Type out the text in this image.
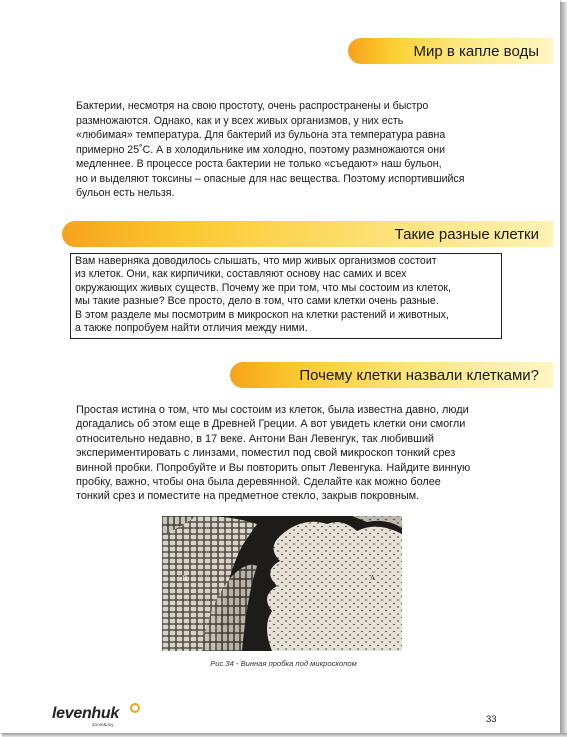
Мир в капле воды
Бактерии, несмотря на свою простоту, очень распространены и быстро
размножаются. Однако, как и у всех живых организмов, у них есть
«любимая» температура. Для бактерий из бульона эта температура равна
примерно 25˚С. А в холодильнике им холодно, поэтому размножаются они
медленнее. В процессе роста бактерии не только «съедают» наш бульон,
но и выделяют токсины – опасные для нас вещества. Поэтому испортившийся
бульон есть нельзя.
Такие разные клетки
Вам наверняка доводилось слышать, что мир живых организмов состоит
из клеток. Они, как кирпичики, составляют основу нас самих и всех
окружающих живых существ. Почему же при том, что мы состоим из клеток,
мы такие разные? Все просто, дело в том, что сами клетки очень разные.
В этом разделе мы посмотрим в микроскоп на клетки растений и животных,
а также попробуем найти отличия между ними.
Почему клетки назвали клетками?
Простая истина о том, что мы состоим из клеток, была известна давно, люди
догадались об этом еще в Древней Греции. А вот увидеть клетки они смогли
относительно недавно, в 17 веке. Антони Ван Левенгук, так любивший
экспериментировать с линзами, поместил под свой микроскоп тонкий срез
винной пробки. Попробуйте и Вы повторить опыт Левенгука. Найдите винную
пробку, важно, чтобы она была деревянной. Сделайте как можно более
тонкий срез и поместите на предметное стекло, закрыв покровным.
B	A
Рис.34 - Винная пробка под микроскопом
levenhuk
Zoom&Joy	33
